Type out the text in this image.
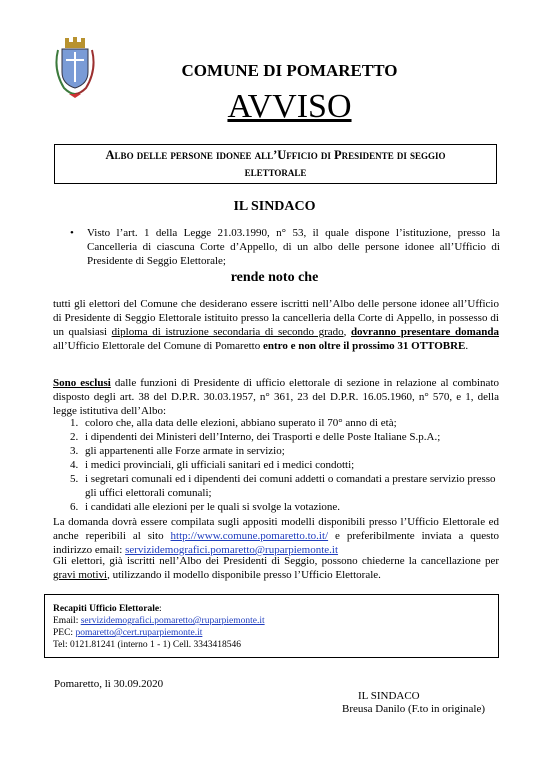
COMUNE DI POMARETTO
AVVISO
Albo delle persone idonee all’Ufficio di Presidente di seggio
elettorale
IL SINDACO
• Visto l’art. 1 della Legge 21.03.1990, n° 53, il quale dispone l’istituzione, presso la Cancelleria di ciascuna Corte d’Appello, di un albo delle persone idonee all’Ufficio di Presidente di Seggio Elettorale;
rende noto che
tutti gli elettori del Comune che desiderano essere iscritti nell’Albo delle persone idonee all’Ufficio di Presidente di Seggio Elettorale istituito presso la cancelleria della Corte di Appello, in possesso di un qualsiasi diploma di istruzione secondaria di secondo grado, dovranno presentare domanda all’Ufficio Elettorale del Comune di Pomaretto entro e non oltre il prossimo 31 OTTOBRE.
Sono esclusi dalle funzioni di Presidente di ufficio elettorale di sezione in relazione al combinato disposto degli art. 38 del D.P.R. 30.03.1957, n° 361, 23 del D.P.R. 16.05.1960, n° 570, e 1, della legge istitutiva dell’Albo:
1. coloro che, alla data delle elezioni, abbiano superato il 70° anno di età;
2. i dipendenti dei Ministeri dell’Interno, dei Trasporti e delle Poste Italiane S.p.A.;
3. gli appartenenti alle Forze armate in servizio;
4. i medici provinciali, gli ufficiali sanitari ed i medici condotti;
5. i segretari comunali ed i dipendenti dei comuni addetti o comandati a prestare servizio presso gli uffici elettorali comunali;
6. i candidati alle elezioni per le quali si svolge la votazione.
La domanda dovrà essere compilata sugli appositi modelli disponibili presso l’Ufficio Elettorale ed anche reperibili al sito http://www.comune.pomaretto.to.it/ e preferibilmente inviata a questo indirizzo email: servizidemografici.pomaretto@ruparpiemonte.it
Gli elettori, già iscritti nell’Albo dei Presidenti di Seggio, possono chiederne la cancellazione per gravi motivi, utilizzando il modello disponibile presso l’Ufficio Elettorale.
Recapiti Ufficio Elettorale:
Email: servizidemografici.pomaretto@ruparpiemonte.it
PEC: pomaretto@cert.ruparpiemonte.it
Tel: 0121.81241 (interno 1 - 1) Cell. 3343418546
Pomaretto, lì 30.09.2020
IL SINDACO
Breusa Danilo (F.to in originale)
